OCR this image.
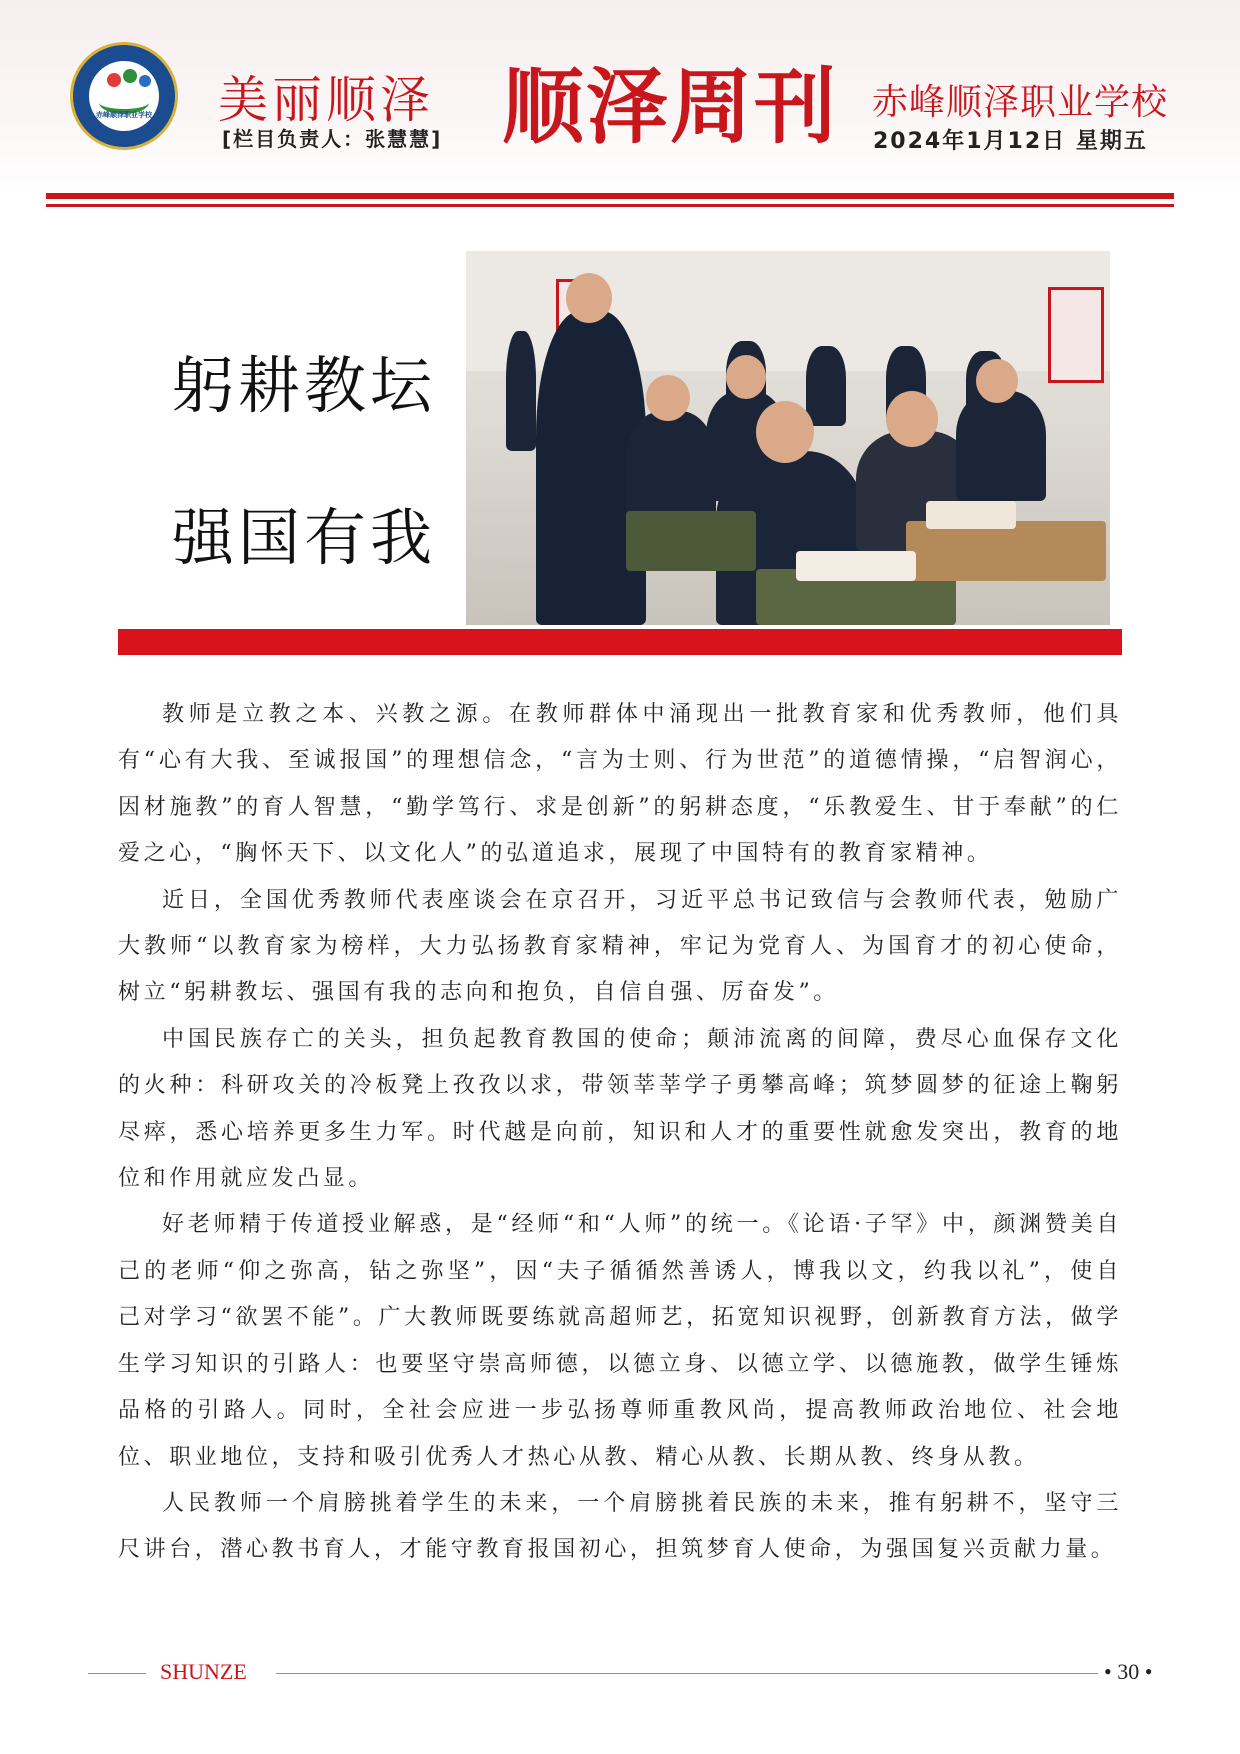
赤峰顺泽职业学校 美丽顺泽
[栏目负责人：张慧慧] 顺泽周刊 赤峰顺泽职业学校
2024年1月12日 星期五
躬耕教坛
强国有我

教师是立教之本、兴教之源。在教师群体中涌现出一批教育家和优秀教师，他们具有“心有大我、至诚报国”的理想信念，“言为士则、行为世范”的道德情操，“启智润心，因材施教”的育人智慧，“勤学笃行、求是创新”的躬耕态度，“乐教爱生、甘于奉献”的仁爱之心，“胸怀天下、以文化人”的弘道追求，展现了中国特有的教育家精神。

近日，全国优秀教师代表座谈会在京召开，习近平总书记致信与会教师代表，勉励广大教师“以教育家为榜样，大力弘扬教育家精神，牢记为党育人、为国育才的初心使命，树立“躬耕教坛、强国有我的志向和抱负，自信自强、厉奋发”。

中国民族存亡的关头，担负起教育教国的使命；颠沛流离的间障，费尽心血保存文化的火种：科研攻关的冷板凳上孜孜以求，带领莘莘学子勇攀高峰；筑梦圆梦的征途上鞠躬尽瘁，悉心培养更多生力军。时代越是向前，知识和人才的重要性就愈发突出，教育的地位和作用就应发凸显。

好老师精于传道授业解惑，是“经师“和“人师”的统一。《论语·子罕》中，颜渊赞美自己的老师“仰之弥高，钻之弥坚”，因“夫子循循然善诱人，博我以文，约我以礼”，使自己对学习“欲罢不能”。广大教师既要练就高超师艺，拓宽知识视野，创新教育方法，做学生学习知识的引路人：也要坚守崇高师德，以德立身、以德立学、以德施教，做学生锤炼品格的引路人。同时，全社会应进一步弘扬尊师重教风尚，提高教师政治地位、社会地位、职业地位，支持和吸引优秀人才热心从教、精心从教、长期从教、终身从教。

人民教师一个肩膀挑着学生的未来，一个肩膀挑着民族的未来，推有躬耕不，坚守三尺讲台，潜心教书育人，才能守教育报国初心，担筑梦育人使命，为强国复兴贡献力量。

SHUNZE	• 30 •
